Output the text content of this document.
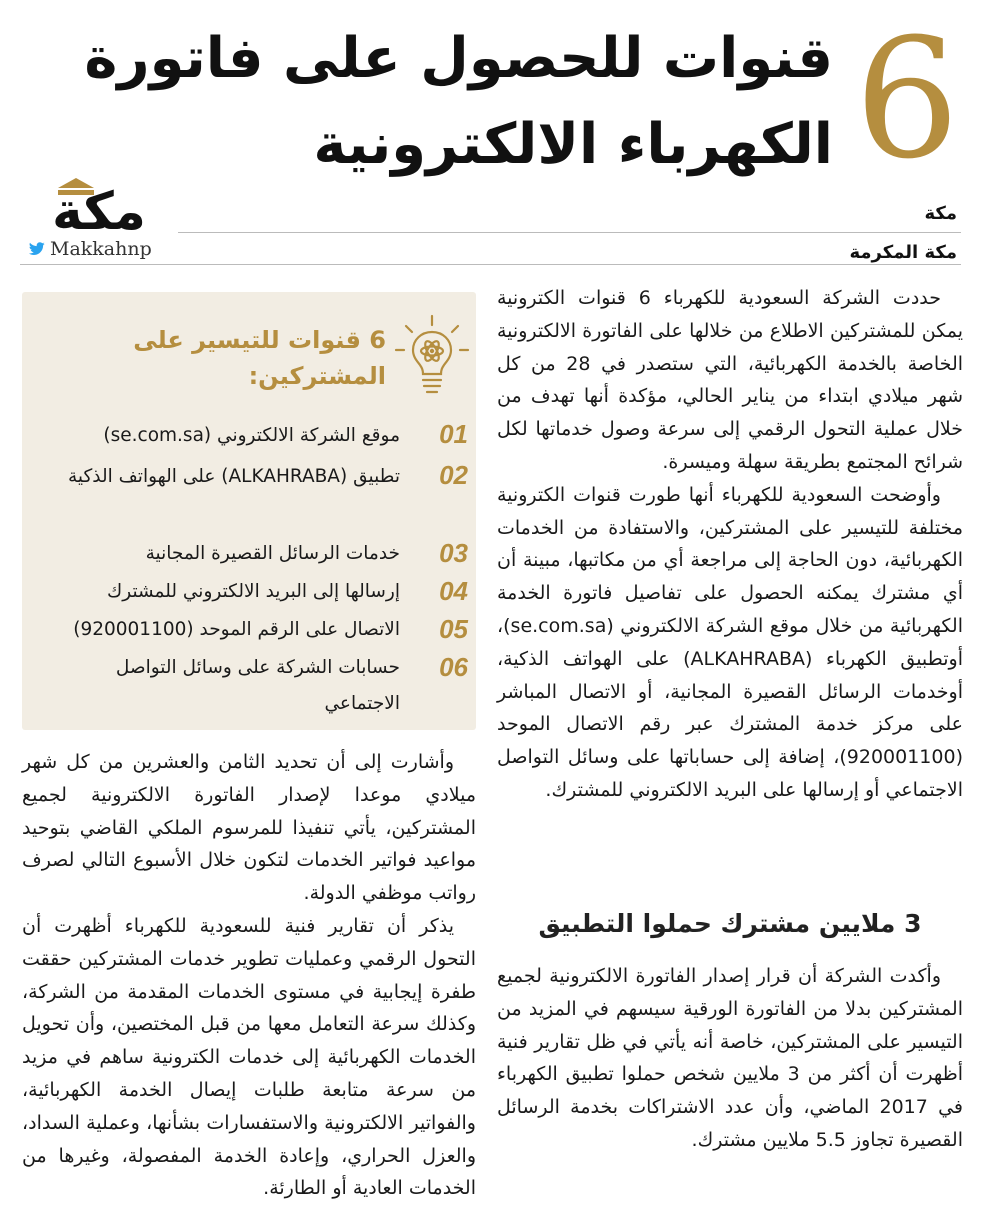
6
قنوات للحصول على فاتورة
الكهرباء الالكترونية
مكة
Makkahnp
مكة
مكة المكرمة

حددت الشركة السعودية للكهرباء 6 قنوات الكترونية يمكن للمشتركين الاطلاع من خلالها على الفاتورة الالكترونية الخاصة بالخدمة الكهربائية، التي ستصدر في 28 من كل شهر ميلادي ابتداء من يناير الحالي، مؤكدة أنها تهدف من خلال عملية التحول الرقمي إلى سرعة وصول خدماتها لكل شرائح المجتمع بطريقة سهلة وميسرة.

وأوضحت السعودية للكهرباء أنها طورت قنوات الكترونية مختلفة للتيسير على المشتركين، والاستفادة من الخدمات الكهربائية، دون الحاجة إلى مراجعة أي من مكاتبها، مبينة أن أي مشترك يمكنه الحصول على تفاصيل فاتورة الخدمة الكهربائية من خلال موقع الشركة الالكتروني (se.com.sa)، أوتطبيق الكهرباء (ALKAHRABA) على الهواتف الذكية، أوخدمات الرسائل القصيرة المجانية، أو الاتصال المباشر على مركز خدمة المشترك عبر رقم الاتصال الموحد (920001100)، إضافة إلى حساباتها على وسائل التواصل الاجتماعي أو إرسالها على البريد الالكتروني للمشترك.

3 ملايين مشترك حملوا التطبيق

وأكدت الشركة أن قرار إصدار الفاتورة الالكترونية لجميع المشتركين بدلا من الفاتورة الورقية سيسهم في المزيد من التيسير على المشتركين، خاصة أنه يأتي في ظل تقارير فنية أظهرت أن أكثر من 3 ملايين شخص حملوا تطبيق الكهرباء في 2017 الماضي، وأن عدد الاشتراكات بخدمة الرسائل القصيرة تجاوز 5.5 ملايين مشترك.

6 قنوات للتيسير على المشتركين:
01
موقع الشركة الالكتروني (se.com.sa)
02
تطبيق (ALKAHRABA) على الهواتف الذكية
03
خدمات الرسائل القصيرة المجانية
04
إرسالها إلى البريد الالكتروني للمشترك
05
الاتصال على الرقم الموحد (920001100)
06
حسابات الشركة على وسائل التواصل الاجتماعي

وأشارت إلى أن تحديد الثامن والعشرين من كل شهر ميلادي موعدا لإصدار الفاتورة الالكترونية لجميع المشتركين، يأتي تنفيذا للمرسوم الملكي القاضي بتوحيد مواعيد فواتير الخدمات لتكون خلال الأسبوع التالي لصرف رواتب موظفي الدولة.

يذكر أن تقارير فنية للسعودية للكهرباء أظهرت أن التحول الرقمي وعمليات تطوير خدمات المشتركين حققت طفرة إيجابية في مستوى الخدمات المقدمة من الشركة، وكذلك سرعة التعامل معها من قبل المختصين، وأن تحويل الخدمات الكهربائية إلى خدمات الكترونية ساهم في مزيد من سرعة متابعة طلبات إيصال الخدمة الكهربائية، والفواتير الالكترونية والاستفسارات بشأنها، وعملية السداد، والعزل الحراري، وإعادة الخدمة المفصولة، وغيرها من الخدمات العادية أو الطارئة.
